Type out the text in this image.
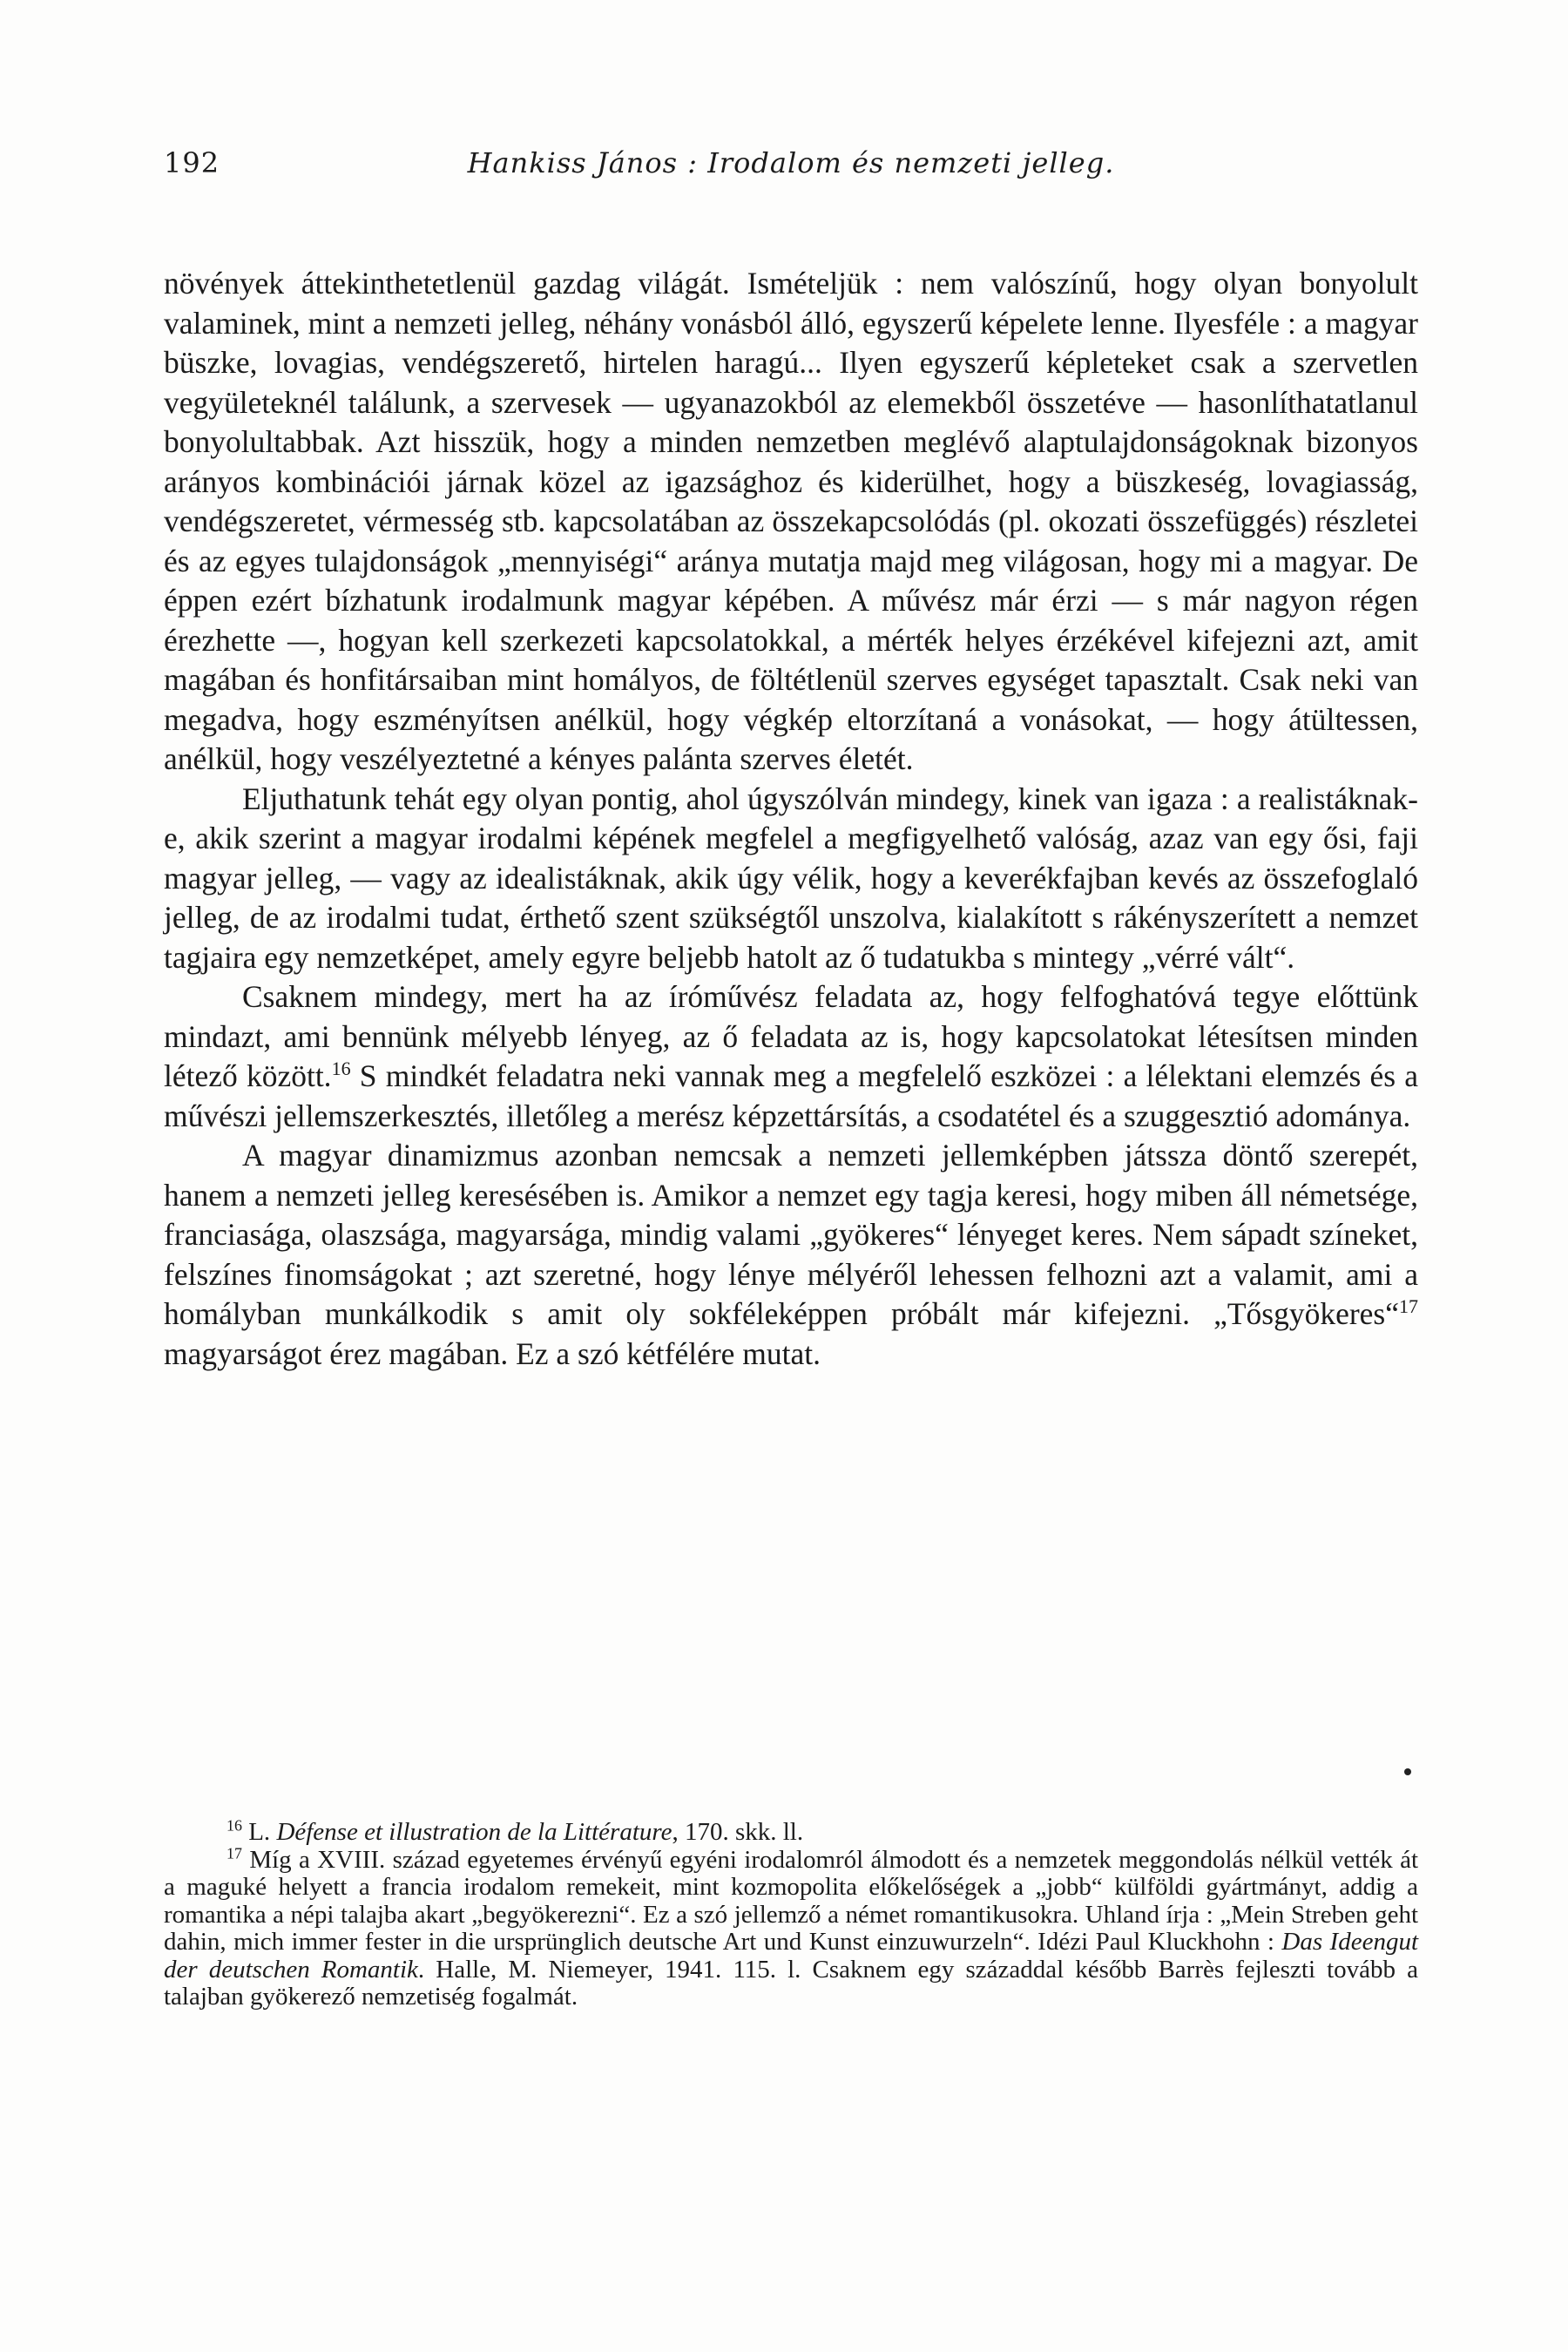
192	Hankiss János : Irodalom és nemzeti jelleg.

növények áttekinthetetlenül gazdag világát. Ismételjük : nem valószínű, hogy olyan bonyolult valaminek, mint a nemzeti jelleg, néhány vonásból álló, egyszerű képelete lenne. Ilyesféle : a magyar büszke, lovagias, vendégszerető, hirtelen haragú... Ilyen egyszerű képleteket csak a szervetlen vegyületeknél találunk, a szervesek — ugyanazokból az elemekből összetéve — hasonlíthatatlanul bonyolultabbak. Azt hisszük, hogy a minden nemzetben meglévő alaptulajdonságoknak bizonyos arányos kombinációi járnak közel az igazsághoz és kiderülhet, hogy a büszkeség, lovagiasság, vendégszeretet, vérmesség stb. kapcsolatában az összekapcsolódás (pl. okozati összefüggés) részletei és az egyes tulajdonságok „mennyiségi“ aránya mutatja majd meg világosan, hogy mi a magyar. De éppen ezért bízhatunk irodalmunk magyar képében. A művész már érzi — s már nagyon régen érezhette —, hogyan kell szerkezeti kapcsolatokkal, a mérték helyes érzékével kifejezni azt, amit magában és honfitársaiban mint homályos, de föltétlenül szerves egységet tapasztalt. Csak neki van megadva, hogy eszményítsen anélkül, hogy végkép eltorzítaná a vonásokat, — hogy átültessen, anélkül, hogy veszélyeztetné a kényes palánta szerves életét.

Eljuthatunk tehát egy olyan pontig, ahol úgyszólván mindegy, kinek van igaza : a realistáknak-e, akik szerint a magyar irodalmi képének megfelel a megfigyelhető valóság, azaz van egy ősi, faji magyar jelleg, — vagy az idealistáknak, akik úgy vélik, hogy a keverékfajban kevés az összefoglaló jelleg, de az irodalmi tudat, érthető szent szükségtől unszolva, kialakított s rákényszerített a nemzet tagjaira egy nemzetképet, amely egyre beljebb hatolt az ő tudatukba s mintegy „vérré vált“.

Csaknem mindegy, mert ha az íróművész feladata az, hogy felfoghatóvá tegye előttünk mindazt, ami bennünk mélyebb lényeg, az ő feladata az is, hogy kapcsolatokat létesítsen minden létező között.$^{16}$ S mindkét feladatra neki vannak meg a megfelelő eszközei : a lélektani elemzés és a művészi jellemszerkesztés, illetőleg a merész képzettársítás, a csodatétel és a szuggesztió adománya.

A magyar dinamizmus azonban nemcsak a nemzeti jellemképben játssza döntő szerepét, hanem a nemzeti jelleg keresésében is. Amikor a nemzet egy tagja keresi, hogy miben áll németsége, franciasága, olaszsága, magyarsága, mindig valami „gyökeres“ lényeget keres. Nem sápadt színeket, felszínes finomságokat ; azt szeretné, hogy lénye mélyéről lehessen felhozni azt a valamit, ami a homályban munkálkodik s amit oly sokféleképpen próbált már kifejezni. „Tősgyökeres“$^{17}$ magyarságot érez magában. Ez a szó kétfélére mutat.

$^{16}$ L. Défense et illustration de la Littérature, 170. skk. ll.

$^{17}$ Míg a XVIII. század egyetemes érvényű egyéni irodalomról álmodott és a nemzetek meggondolás nélkül vették át a maguké helyett a francia irodalom remekeit, mint kozmopolita előkelőségek a „jobb“ külföldi gyártmányt, addig a romantika a népi talajba akart „begyökerezni“. Ez a szó jellemző a német romantikusokra. Uhland írja : „Mein Streben geht dahin, mich immer fester in die ursprünglich deutsche Art und Kunst einzuwurzeln“. Idézi Paul Kluckhohn : Das Ideengut der deutschen Romantik. Halle, M. Niemeyer, 1941. 115. l. Csaknem egy századdal később Barrès fejleszti tovább a talajban gyökerező nemzetiség fogalmát.
